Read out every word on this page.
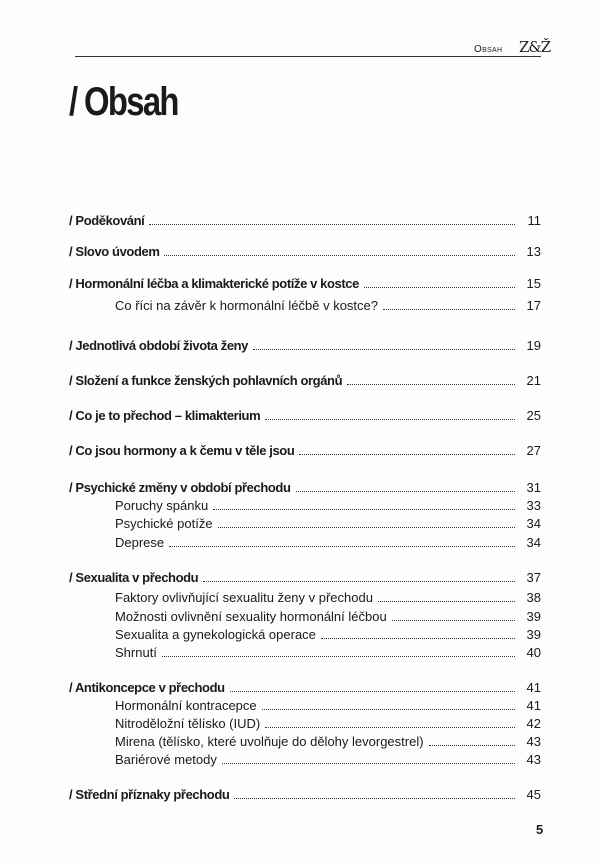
Obsah Z&Ž
/ Obsah
/ Poděkování	11
/ Slovo úvodem	13
/ Hormonální léčba a klimakterické potíže v kostce	15
Co říci na závěr k hormonální léčbě v kostce?	17
/ Jednotlivá období života ženy	19
/ Složení a funkce ženských pohlavních orgánů	21
/ Co je to přechod – klimakterium	25
/ Co jsou hormony a k čemu v těle jsou	27
/ Psychické změny v období přechodu	31
Poruchy spánku	33
Psychické potíže	34
Deprese	34
/ Sexualita v přechodu	37
Faktory ovlivňující sexualitu ženy v přechodu	38
Možnosti ovlivnění sexuality hormonální léčbou	39
Sexualita a gynekologická operace	39
Shrnutí	40
/ Antikoncepce v přechodu	41
Hormonální kontracepce	41
Nitroděložní tělísko (IUD)	42
Mirena (tělísko, které uvolňuje do dělohy levorgestrel)	43
Bariérové metody	43
/ Střední příznaky přechodu	45
5
